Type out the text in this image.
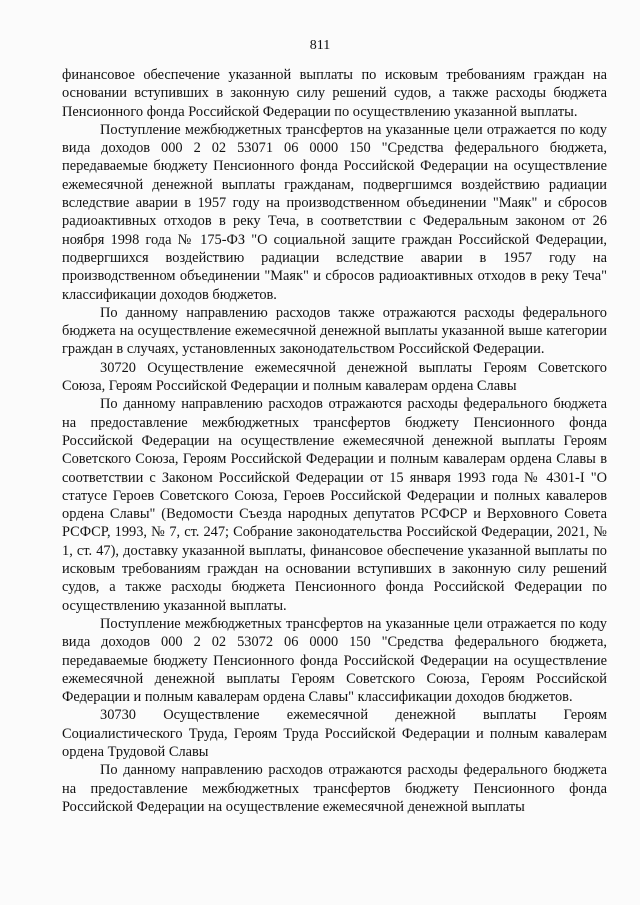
811

финансовое обеспечение указанной выплаты по исковым требованиям граждан на основании вступивших в законную силу решений судов, а также расходы бюджета Пенсионного фонда Российской Федерации по осуществлению указанной выплаты.

Поступление межбюджетных трансфертов на указанные цели отражается по коду вида доходов 000 2 02 53071 06 0000 150 "Средства федерального бюджета, передаваемые бюджету Пенсионного фонда Российской Федерации на осуществление ежемесячной денежной выплаты гражданам, подвергшимся воздействию радиации вследствие аварии в 1957 году на производственном объединении "Маяк" и сбросов радиоактивных отходов в реку Теча, в соответствии с Федеральным законом от 26 ноября 1998 года № 175-ФЗ "О социальной защите граждан Российской Федерации, подвергшихся воздействию радиации вследствие аварии в 1957 году на производственном объединении "Маяк" и сбросов радиоактивных отходов в реку Теча" классификации доходов бюджетов.

По данному направлению расходов также отражаются расходы федерального бюджета на осуществление ежемесячной денежной выплаты указанной выше категории граждан в случаях, установленных законодательством Российской Федерации.

30720 Осуществление ежемесячной денежной выплаты Героям Советского Союза, Героям Российской Федерации и полным кавалерам ордена Славы

По данному направлению расходов отражаются расходы федерального бюджета на предоставление межбюджетных трансфертов бюджету Пенсионного фонда Российской Федерации на осуществление ежемесячной денежной выплаты Героям Советского Союза, Героям Российской Федерации и полным кавалерам ордена Славы в соответствии с Законом Российской Федерации от 15 января 1993 года № 4301-I "О статусе Героев Советского Союза, Героев Российской Федерации и полных кавалеров ордена Славы" (Ведомости Съезда народных депутатов РСФСР и Верховного Совета РСФСР, 1993, № 7, ст. 247; Собрание законодательства Российской Федерации, 2021, № 1, ст. 47), доставку указанной выплаты, финансовое обеспечение указанной выплаты по исковым требованиям граждан на основании вступивших в законную силу решений судов, а также расходы бюджета Пенсионного фонда Российской Федерации по осуществлению указанной выплаты.

Поступление межбюджетных трансфертов на указанные цели отражается по коду вида доходов 000 2 02 53072 06 0000 150 "Средства федерального бюджета, передаваемые бюджету Пенсионного фонда Российской Федерации на осуществление ежемесячной денежной выплаты Героям Советского Союза, Героям Российской Федерации и полным кавалерам ордена Славы" классификации доходов бюджетов.

30730 Осуществление ежемесячной денежной выплаты Героям Социалистического Труда, Героям Труда Российской Федерации и полным кавалерам ордена Трудовой Славы

По данному направлению расходов отражаются расходы федерального бюджета на предоставление межбюджетных трансфертов бюджету Пенсионного фонда Российской Федерации на осуществление ежемесячной денежной выплаты
